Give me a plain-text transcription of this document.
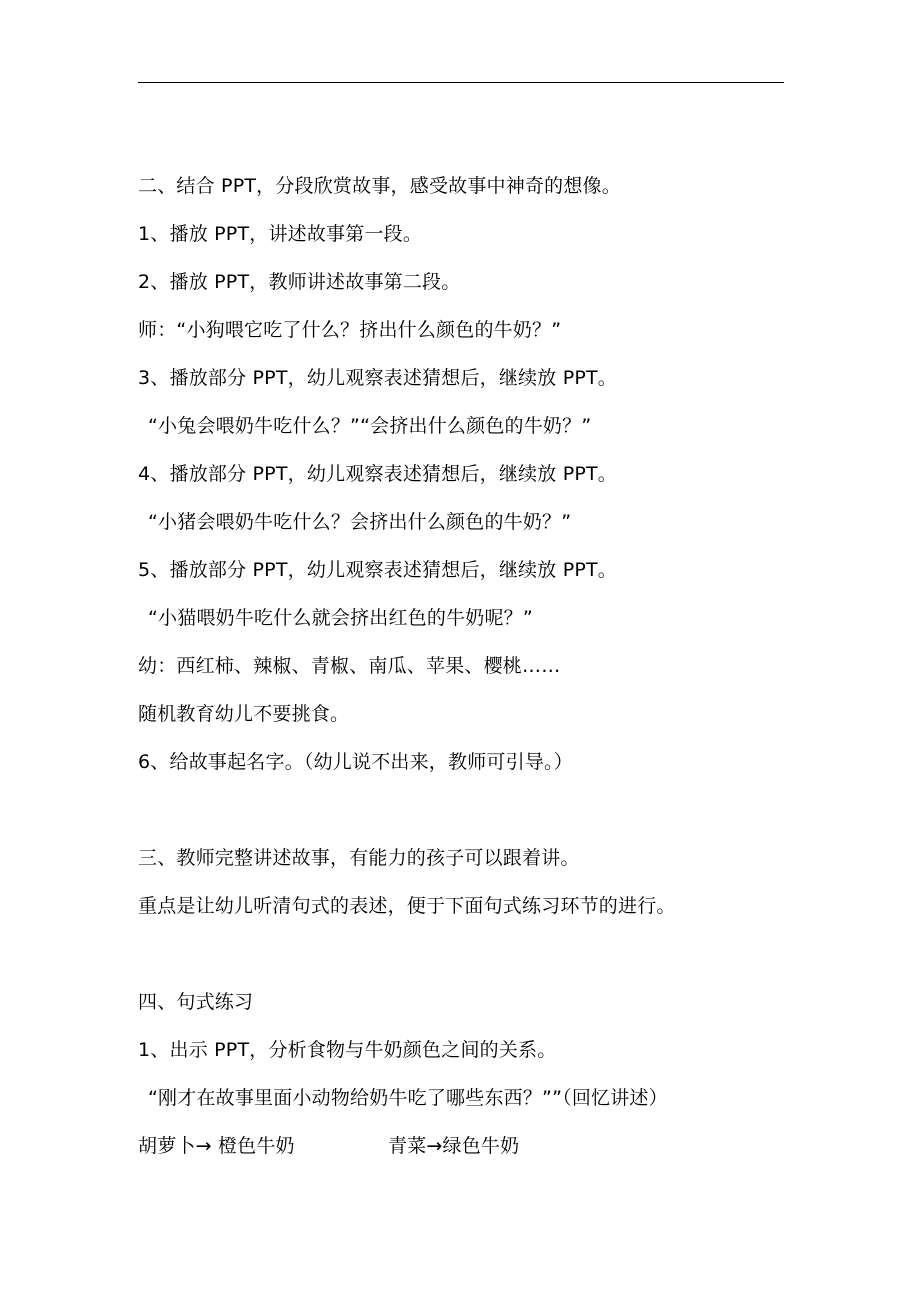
二、结合 PPT，分段欣赏故事，感受故事中神奇的想像。
1、播放 PPT，讲述故事第一段。
2、播放 PPT，教师讲述故事第二段。
师：“小狗喂它吃了什么？挤出什么颜色的牛奶？”
3、播放部分 PPT，幼儿观察表述猜想后，继续放 PPT。
“小兔会喂奶牛吃什么？”“会挤出什么颜色的牛奶？”
4、播放部分 PPT，幼儿观察表述猜想后，继续放 PPT。
“小猪会喂奶牛吃什么？会挤出什么颜色的牛奶？”
5、播放部分 PPT，幼儿观察表述猜想后，继续放 PPT。
“小猫喂奶牛吃什么就会挤出红色的牛奶呢？”
幼：西红柿、辣椒、青椒、南瓜、苹果、樱桃……
随机教育幼儿不要挑食。
6、给故事起名字。（幼儿说不出来，教师可引导。）
三、教师完整讲述故事，有能力的孩子可以跟着讲。
重点是让幼儿听清句式的表述，便于下面句式练习环节的进行。
四、句式练习
1、出示 PPT，分析食物与牛奶颜色之间的关系。
“刚才在故事里面小动物给奶牛吃了哪些东西？””（回忆讲述）
胡萝卜→ 橙色牛奶	青菜→绿色牛奶
